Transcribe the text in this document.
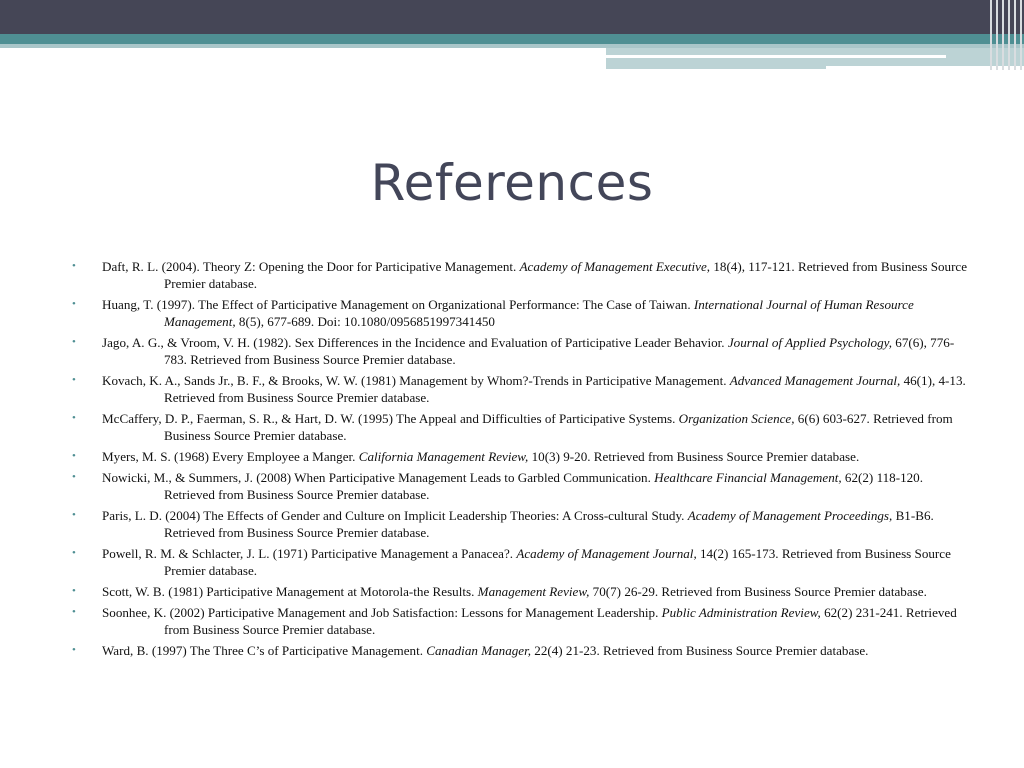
References
• Daft, R. L. (2004). Theory Z: Opening the Door for Participative Management. Academy of Management Executive, 18(4), 117-121. Retrieved from Business Source Premier database.
• Huang, T. (1997). The Effect of Participative Management on Organizational Performance: The Case of Taiwan. International Journal of Human Resource Management, 8(5), 677-689. Doi: 10.1080/0956851997341450
• Jago, A. G., & Vroom, V. H. (1982). Sex Differences in the Incidence and Evaluation of Participative Leader Behavior. Journal of Applied Psychology, 67(6), 776-783. Retrieved from Business Source Premier database.
• Kovach, K. A., Sands Jr., B. F., & Brooks, W. W. (1981) Management by Whom?-Trends in Participative Management. Advanced Management Journal, 46(1), 4-13. Retrieved from Business Source Premier database.
• McCaffery, D. P., Faerman, S. R., & Hart, D. W. (1995) The Appeal and Difficulties of Participative Systems. Organization Science, 6(6) 603-627. Retrieved from Business Source Premier database.
• Myers, M. S. (1968) Every Employee a Manger. California Management Review, 10(3) 9-20. Retrieved from Business Source Premier database.
• Nowicki, M., & Summers, J. (2008) When Participative Management Leads to Garbled Communication. Healthcare Financial Management, 62(2) 118-120. Retrieved from Business Source Premier database.
• Paris, L. D. (2004) The Effects of Gender and Culture on Implicit Leadership Theories: A Cross-cultural Study. Academy of Management Proceedings, B1-B6. Retrieved from Business Source Premier database.
• Powell, R. M. & Schlacter, J. L. (1971) Participative Management a Panacea?. Academy of Management Journal, 14(2) 165-173. Retrieved from Business Source Premier database.
• Scott, W. B. (1981) Participative Management at Motorola-the Results. Management Review, 70(7) 26-29. Retrieved from Business Source Premier database.
• Soonhee, K. (2002) Participative Management and Job Satisfaction: Lessons for Management Leadership. Public Administration Review, 62(2) 231-241. Retrieved from Business Source Premier database.
• Ward, B. (1997) The Three C’s of Participative Management. Canadian Manager, 22(4) 21-23. Retrieved from Business Source Premier database.
